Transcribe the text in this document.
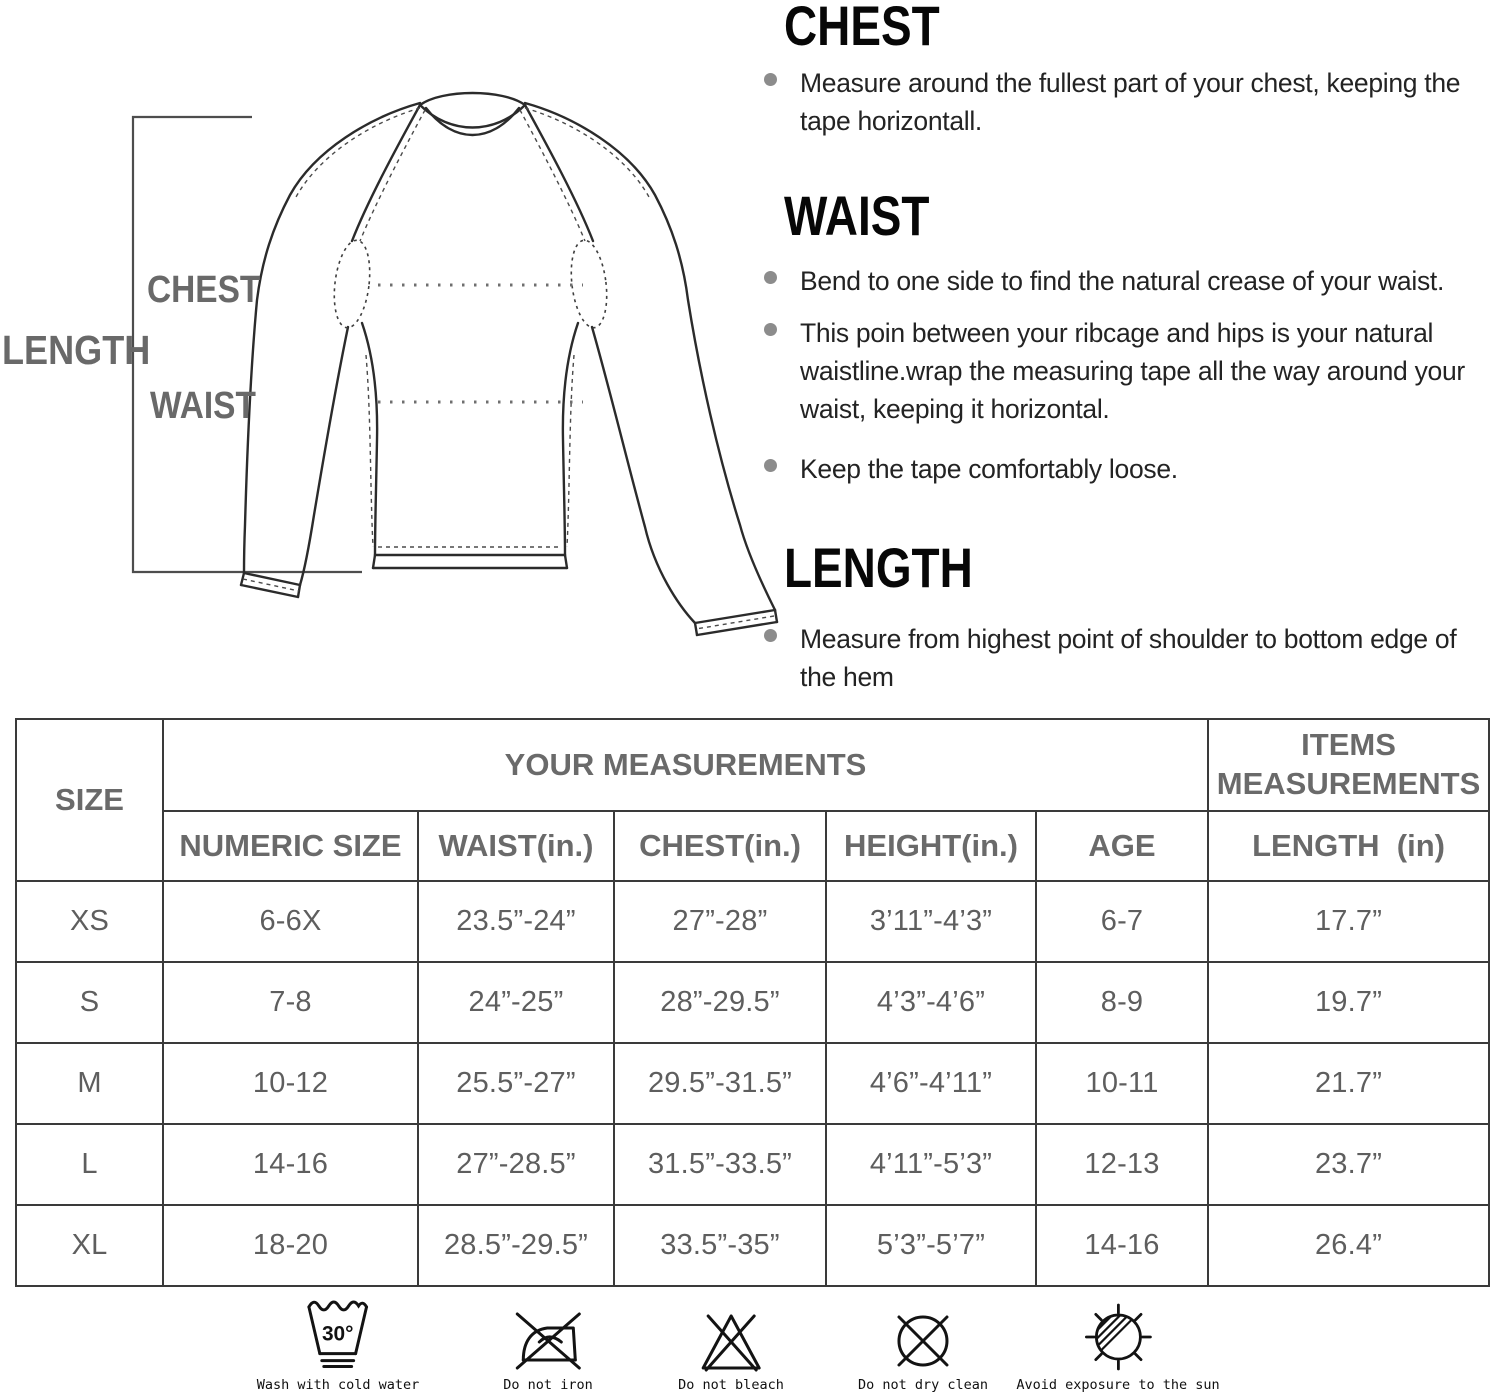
LENGTH

CHEST

WAIST

CHEST

Measure around the fullest part of your chest, keeping the tape horizontall.

WAIST

Bend to one side to find the natural crease of your waist.

This poin between your ribcage and hips is your natural waistline.wrap the measuring tape all the way around your waist, keeping it horizontal.

Keep the tape comfortably loose.

LENGTH

Measure from highest point of shoulder to bottom edge of the hem

SIZE	YOUR MEASUREMENTS					ITEMS MEASUREMENTS
	NUMERIC SIZE	WAIST(in.)	CHEST(in.)	HEIGHT(in.)	AGE	LENGTH  (in)
XS	6-6X	23.5”-24”	27”-28”	3’11”-4’3”	6-7	17.7”
S	7-8	24”-25”	28”-29.5”	4’3”-4’6”	8-9	19.7”
M	10-12	25.5”-27”	29.5”-31.5”	4’6”-4’11”	10-11	21.7”
L	14-16	27”-28.5”	31.5”-33.5”	4’11”-5’3”	12-13	23.7”
XL	18-20	28.5”-29.5”	33.5”-35”	5’3”-5’7”	14-16	26.4”
30°
Wash with cold water	Do not iron	Do not bleach	Do not dry clean Avoid exposure to the sun
